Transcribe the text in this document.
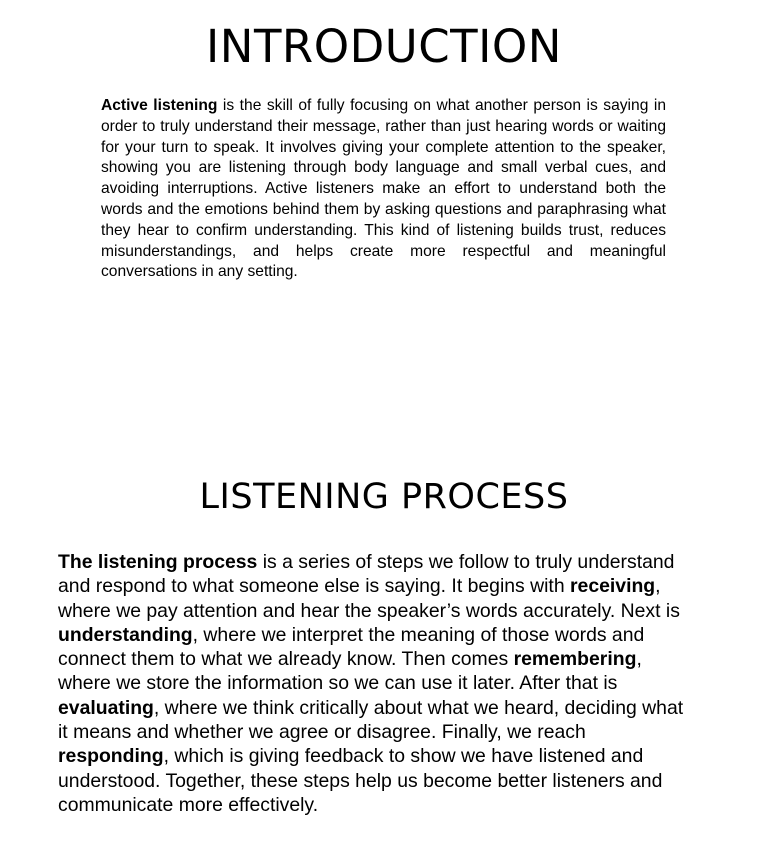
INTRODUCTION

Active listening is the skill of fully focusing on what another person is saying in order to truly understand their message, rather than just hearing words or waiting for your turn to speak. It involves giving your complete attention to the speaker, showing you are listening through body language and small verbal cues, and avoiding interruptions. Active listeners make an effort to understand both the words and the emotions behind them by asking questions and paraphrasing what they hear to confirm understanding. This kind of listening builds trust, reduces misunderstandings, and helps create more respectful and meaningful conversations in any setting.

LISTENING PROCESS

The listening process is a series of steps we follow to truly understand and respond to what someone else is saying. It begins with receiving, where we pay attention and hear the speaker’s words accurately. Next is understanding, where we interpret the meaning of those words and connect them to what we already know. Then comes remembering, where we store the information so we can use it later. After that is evaluating, where we think critically about what we heard, deciding what it means and whether we agree or disagree. Finally, we reach responding, which is giving feedback to show we have listened and understood. Together, these steps help us become better listeners and communicate more effectively.
